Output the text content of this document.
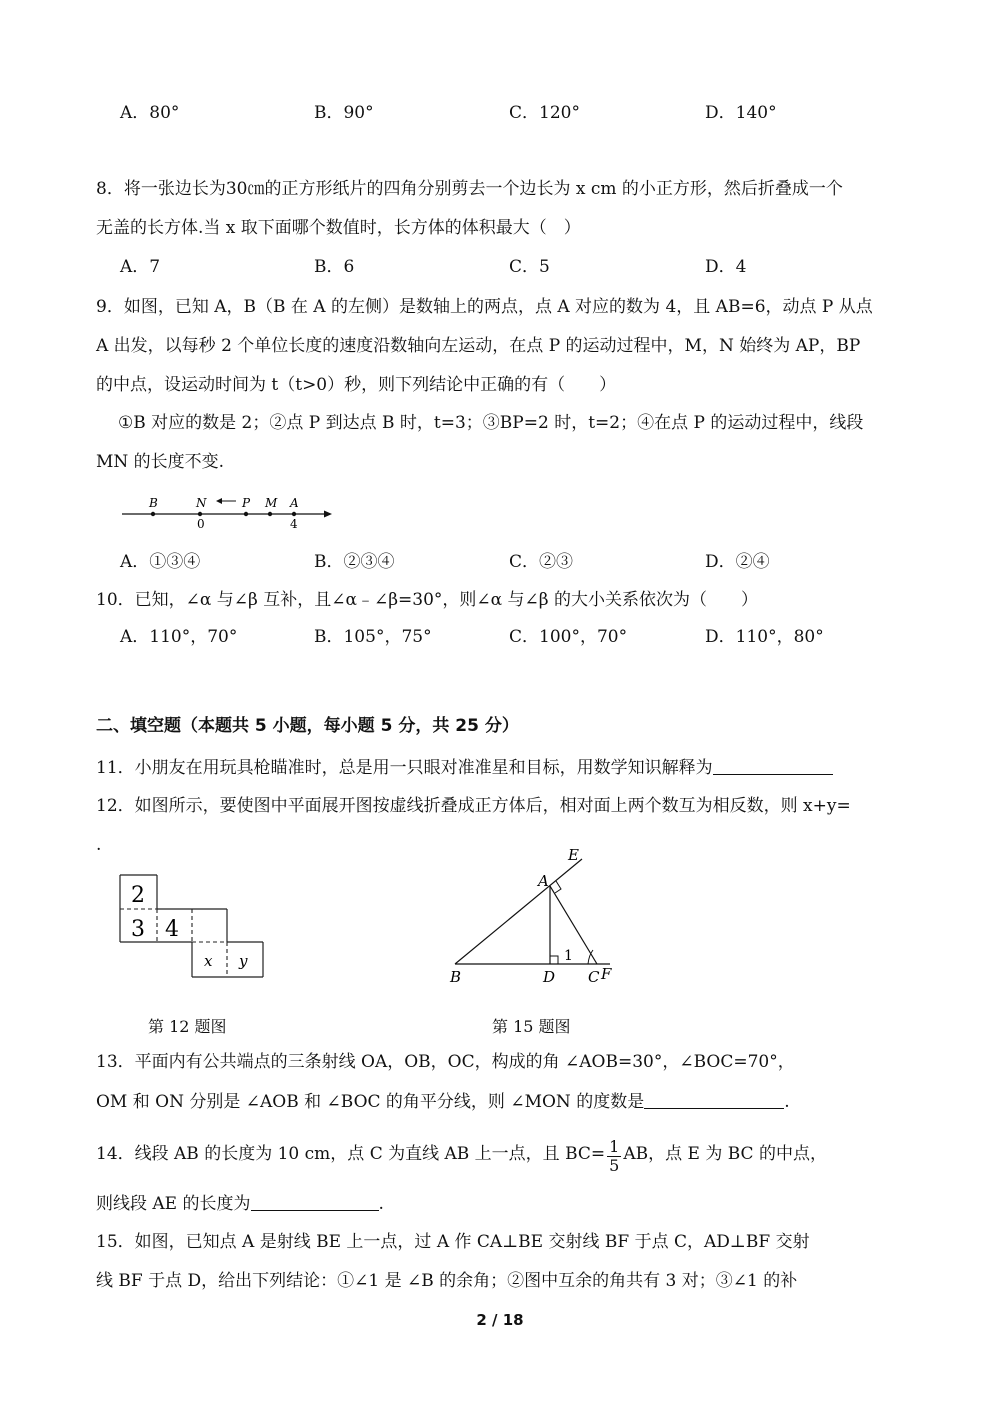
A．80°	B．90°	C．120°	D．140°
8．将一张边长为30㎝的正方形纸片的四角分别剪去一个边长为 x cm 的小正方形，然后折叠成一个
无盖的长方体.当 x 取下面哪个数值时，长方体的体积最大（　）
A．7	B．6	C．5	D．4
9．如图，已知 A，B（B 在 A 的左侧）是数轴上的两点，点 A 对应的数为 4，且 AB=6，动点 P 从点
A 出发，以每秒 2 个单位长度的速度沿数轴向左运动，在点 P 的运动过程中，M，N 始终为 AP，BP
的中点，设运动时间为 t（t>0）秒，则下列结论中正确的有（　　）
①B 对应的数是 2；②点 P 到达点 B 时，t=3；③BP=2 时，t=2；④在点 P 的运动过程中，线段
MN 的长度不变.
B	N	P M A
0	4
A．①③④	B．②③④	C．②③	D．②④
10．已知，∠α 与∠β 互补，且∠α﹣∠β=30°，则∠α 与∠β 的大小关系依次为（　　）
A．110°，70°	B．105°，75°	C．100°，70°	D．110°，80°
二、填空题（本题共 5 小题，每小题 5 分，共 25 分）
11．小朋友在用玩具枪瞄准时，总是用一只眼对准准星和目标，用数学知识解释为
12．如图所示，要使图中平面展开图按虚线折叠成正方体后，相对面上两个数互为相反数，则 x+y=
.
2
3 4
x y
E
A
B	D C F
1
第 12 题图	第 15 题图
13．平面内有公共端点的三条射线 OA，OB，OC，构成的角 ∠AOB=30°，∠BOC=70°，
OM 和 ON 分别是 ∠AOB 和 ∠BOC 的角平分线，则 ∠MON 的度数是	.
14．线段 AB 的长度为 10 cm，点 C 为直线 AB 上一点，且 $BC= \frac{1}{5}$ AB，点 E 为 BC 的中点，
则线段 AE 的长度为	.
15．如图，已知点 A 是射线 BE 上一点，过 A 作 CA⊥BE 交射线 BF 于点 C，AD⊥BF 交射
线 BF 于点 D，给出下列结论：①∠1 是 ∠B 的余角；②图中互余的角共有 3 对；③∠1 的补
2 / 18
